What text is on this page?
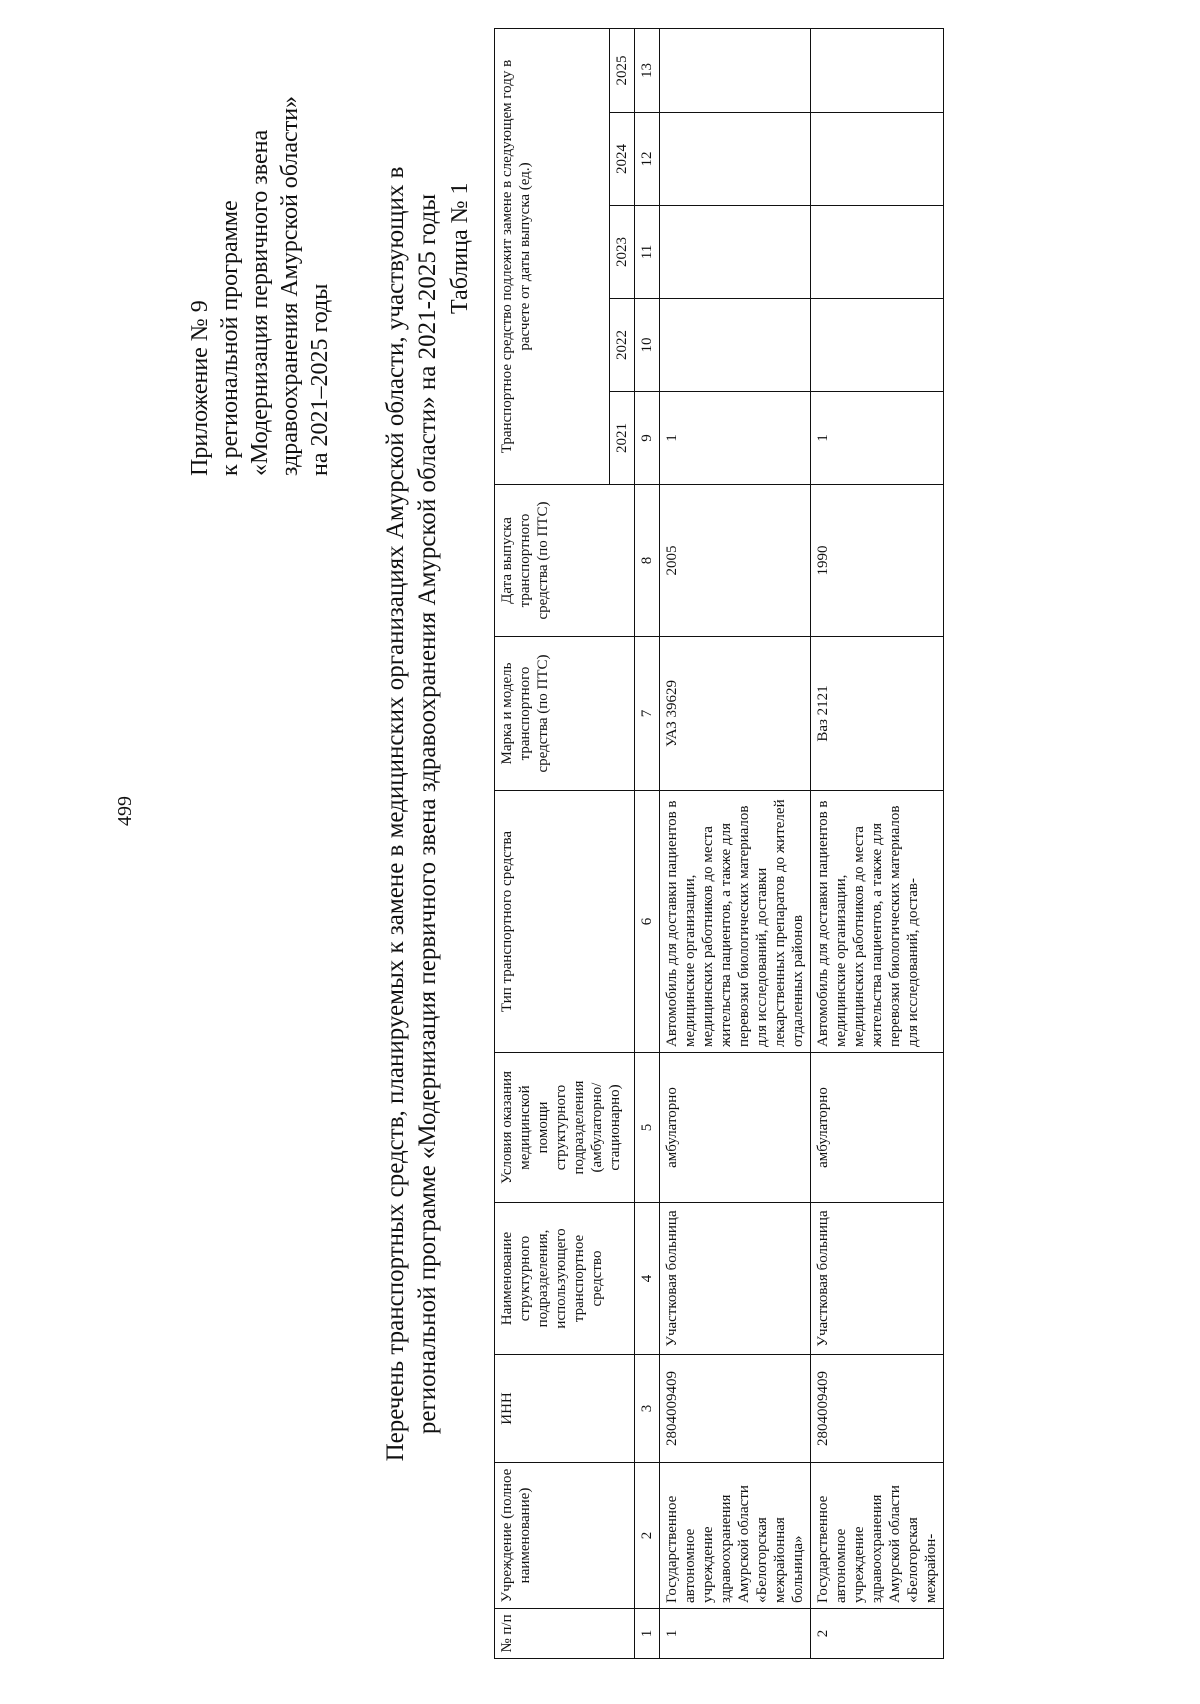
499
Приложение № 9 к региональной программе «Модернизация первичного звена здравоохранения Амурской области» на 2021–2025 годы Перечень транспортных средств, планируемых к замене в медицинских организациях Амурской области, участвующих в региональной программе «Модернизация первичного звена здравоохранения Амурской области» на 2021-2025 годы Таблица № 1
№ п/п	Учреждение (полное наименование)	ИНН	Наименование структурного подразделения, использующего транспортное средство	Условия оказания медицинской помощи структурного подразделения (амбулаторно/ стационарно)	Тип транспортного средства	Марка и модель транспортного средства (по ПТС)	Дата выпуска транспортного средства (по ПТС)	Транспортное средство подлежит замене в следующем году в расчете от даты выпуска (ед.)				
								2021	2022	2023	2024	2025
1	2	3	4	5	6	7	8	9	10	11	12	13
1	Государственное автономное учреждение здравоохранения Амурской области «Белогорская межрайонная больница»	2804009409	Участковая больница	амбулаторно	Автомобиль для доставки пациентов в медицинские организации, медицинских работников до места жительства пациентов, а также для перевозки биологических материалов для исследований, доставки лекарственных препаратов до жителей отдаленных районов	УАЗ 39629	2005	1				
2	Государственное автономное учреждение здравоохранения Амурской области «Белогорская межрайон-	2804009409	Участковая больница	амбулаторно	Автомобиль для доставки пациентов в медицинские организации, медицинских работников до места жительства пациентов, а также для перевозки биологических материалов для исследований, достав-	Ваз 2121	1990	1				
